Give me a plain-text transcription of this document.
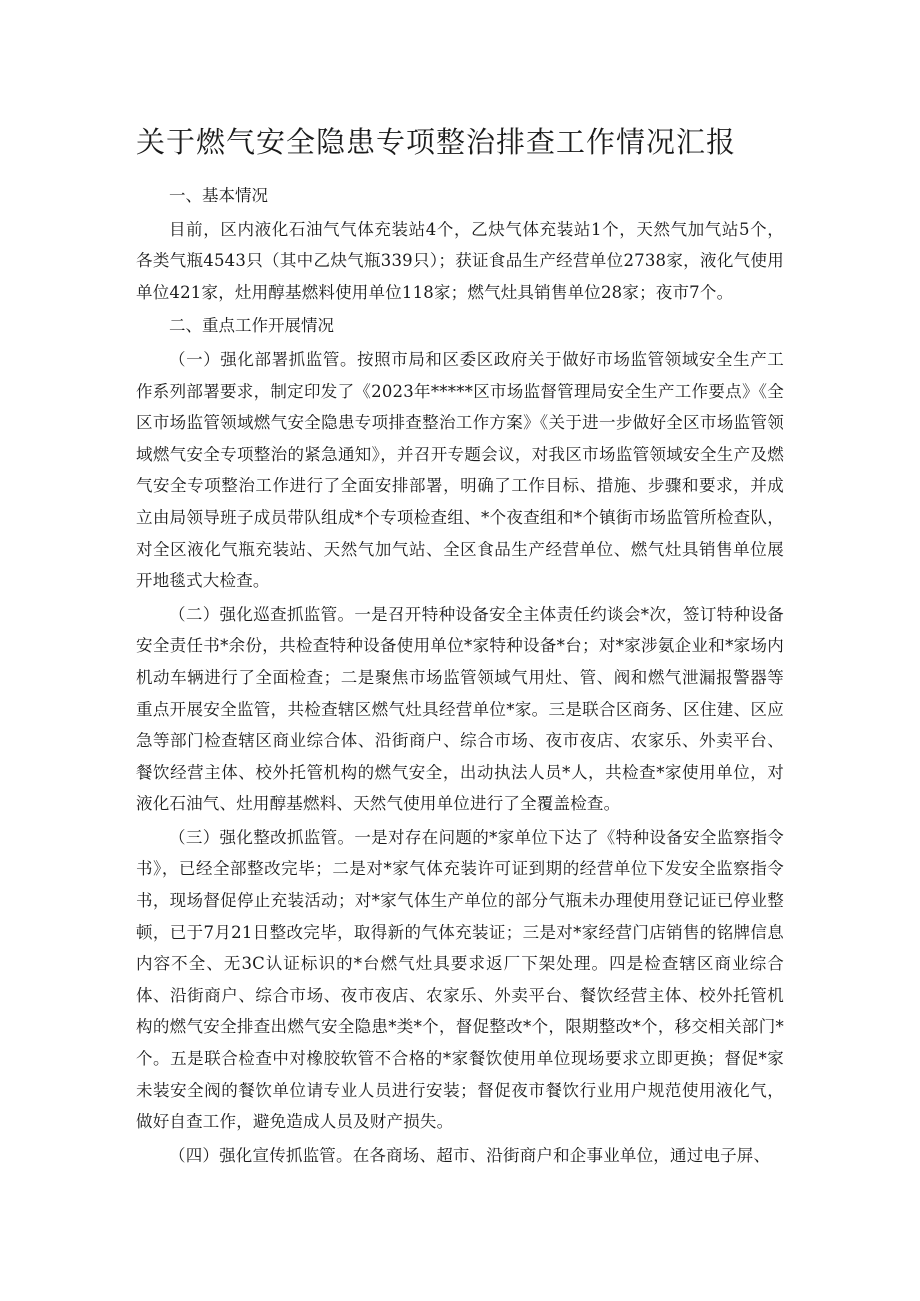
关于燃气安全隐患专项整治排查工作情况汇报

一、基本情况

目前，区内液化石油气气体充装站4个，乙炔气体充装站1个，天然气加气站5个，各类气瓶4543只（其中乙炔气瓶339只）；获证食品生产经营单位2738家，液化气使用单位421家，灶用醇基燃料使用单位118家；燃气灶具销售单位28家；夜市7个。

二、重点工作开展情况

（一）强化部署抓监管。按照市局和区委区政府关于做好市场监管领域安全生产工作系列部署要求，制定印发了《2023年*****区市场监督管理局安全生产工作要点》《全区市场监管领域燃气安全隐患专项排查整治工作方案》《关于进一步做好全区市场监管领域燃气安全专项整治的紧急通知》，并召开专题会议，对我区市场监管领域安全生产及燃气安全专项整治工作进行了全面安排部署，明确了工作目标、措施、步骤和要求，并成立由局领导班子成员带队组成*个专项检查组、*个夜查组和*个镇街市场监管所检查队，对全区液化气瓶充装站、天然气加气站、全区食品生产经营单位、燃气灶具销售单位展开地毯式大检查。

（二）强化巡查抓监管。一是召开特种设备安全主体责任约谈会*次，签订特种设备安全责任书*余份，共检查特种设备使用单位*家特种设备*台；对*家涉氨企业和*家场内机动车辆进行了全面检查；二是聚焦市场监管领域气用灶、管、阀和燃气泄漏报警器等重点开展安全监管，共检查辖区燃气灶具经营单位*家。三是联合区商务、区住建、区应急等部门检查辖区商业综合体、沿街商户、综合市场、夜市夜店、农家乐、外卖平台、餐饮经营主体、校外托管机构的燃气安全，出动执法人员*人，共检查*家使用单位，对液化石油气、灶用醇基燃料、天然气使用单位进行了全覆盖检查。

（三）强化整改抓监管。一是对存在问题的*家单位下达了《特种设备安全监察指令书》，已经全部整改完毕；二是对*家气体充装许可证到期的经营单位下发安全监察指令书，现场督促停止充装活动；对*家气体生产单位的部分气瓶未办理使用登记证已停业整顿，已于7月21日整改完毕，取得新的气体充装证；三是对*家经营门店销售的铭牌信息内容不全、无3C认证标识的*台燃气灶具要求返厂下架处理。四是检查辖区商业综合体、沿街商户、综合市场、夜市夜店、农家乐、外卖平台、餐饮经营主体、校外托管机构的燃气安全排查出燃气安全隐患*类*个，督促整改*个，限期整改*个，移交相关部门*个。五是联合检查中对橡胶软管不合格的*家餐饮使用单位现场要求立即更换；督促*家未装安全阀的餐饮单位请专业人员进行安装；督促夜市餐饮行业用户规范使用液化气，做好自查工作，避免造成人员及财产损失。

（四）强化宣传抓监管。在各商场、超市、沿街商户和企事业单位，通过电子屏、
